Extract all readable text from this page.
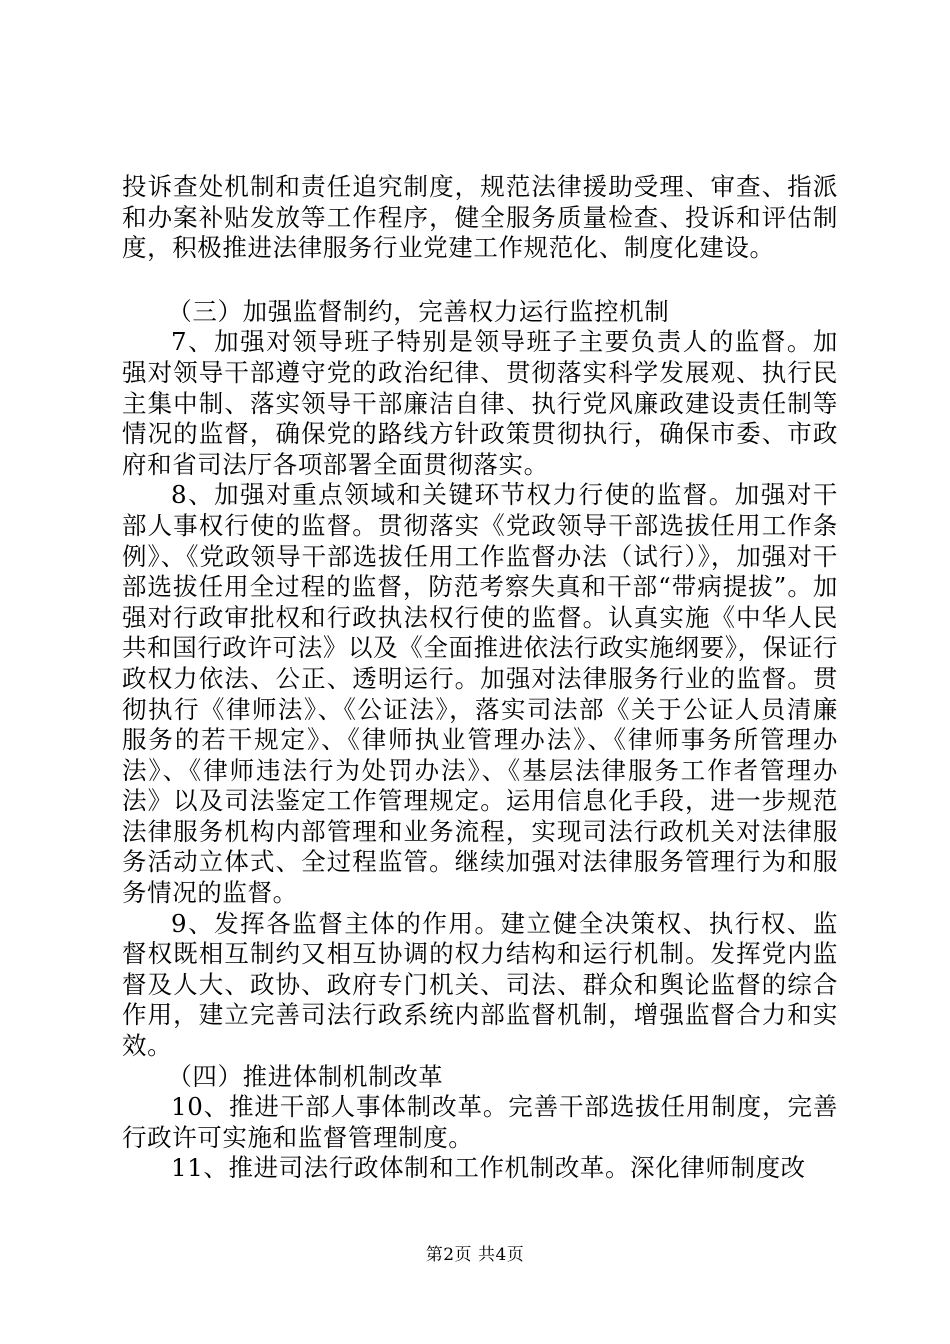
投诉查处机制和责任追究制度，规范法律援助受理、审查、指派和办案补贴发放等工作程序，健全服务质量检查、投诉和评估制度，积极推进法律服务行业党建工作规范化、制度化建设。

（三）加强监督制约，完善权力运行监控机制

7、加强对领导班子特别是领导班子主要负责人的监督。加强对领导干部遵守党的政治纪律、贯彻落实科学发展观、执行民主集中制、落实领导干部廉洁自律、执行党风廉政建设责任制等情况的监督，确保党的路线方针政策贯彻执行，确保市委、市政府和省司法厅各项部署全面贯彻落实。

8、加强对重点领域和关键环节权力行使的监督。加强对干部人事权行使的监督。贯彻落实《党政领导干部选拔任用工作条例》、《党政领导干部选拔任用工作监督办法（试行）》，加强对干部选拔任用全过程的监督，防范考察失真和干部“带病提拔”。加强对行政审批权和行政执法权行使的监督。认真实施《中华人民共和国行政许可法》以及《全面推进依法行政实施纲要》，保证行政权力依法、公正、透明运行。加强对法律服务行业的监督。贯彻执行《律师法》、《公证法》，落实司法部《关于公证人员清廉服务的若干规定》、《律师执业管理办法》、《律师事务所管理办法》、《律师违法行为处罚办法》、《基层法律服务工作者管理办法》以及司法鉴定工作管理规定。运用信息化手段，进一步规范法律服务机构内部管理和业务流程，实现司法行政机关对法律服务活动立体式、全过程监管。继续加强对法律服务管理行为和服务情况的监督。

9、发挥各监督主体的作用。建立健全决策权、执行权、监督权既相互制约又相互协调的权力结构和运行机制。发挥党内监督及人大、政协、政府专门机关、司法、群众和舆论监督的综合作用，建立完善司法行政系统内部监督机制，增强监督合力和实效。

（四）推进体制机制改革

10、推进干部人事体制改革。完善干部选拔任用制度，完善行政许可实施和监督管理制度。

11、推进司法行政体制和工作机制改革。深化律师制度改

第2页 共4页
